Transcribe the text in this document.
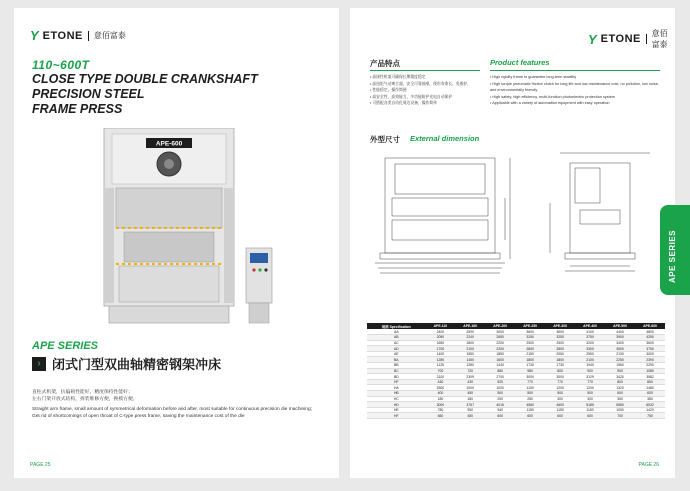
Y ETONE 意佰富泰
110~600T
CLOSE TYPE DOUBLE CRANKSHAFT
PRECISION STEEL
FRAME PRESS
APE-600
APE SERIES
› 闭式门型双曲轴精密钢架冲床

直柱式机架，抗偏载性能好，精度保持性能好；
左右门架开放式结构，拆装维修方便，换模方便。

Straight arm frame, small amount of symmetrical deformation before and after, most suitable for continuous precision die machining;
Get rid of shortcomings of open throat of C-type press frame, saving the maintenance cost of the die

PAGE 25
Y ETONE 意佰富泰
产品特点	Product features
• 高刚性机架可确保长期精度稳定
• 高扭矩气动离合器，安全可靠低噪，使用寿命长，免维护，
• 性能稳定，操作简便
• 高安全性，高效能力，多功能防护光电自动保护
• 可搭配各类自动化周边设备，操作简单
• High rigidity frame to guarantee long-term stability
• High torque pneumatic friction clutch for long life and low maintenance cost, no pollution, low noise, and environmentally friendly
• High safety, high efficiency, multi-function photoelectric protection system
• Applicable with a variety of automation equipment with easy operation
外型尺寸 External dimension
规格 Specification	APE-110	APE-160	APE-200	APE-250	APE-300	APE-400	APE-500	APE-600
AA	2400	2590	3000	3600	3600	4100	4400	4800
AB	2050	2240	2650	3250	3250	3750	3900	4250
AC	1650	1800	2200	2500	2500	3200	3400	3600
AD	1700	2100	2200	2800	2800	3300	3500	3750
AE	1400	1550	1850	2150	2050	2550	2130	3000
BA	1280	1450	1600	1800	1800	2100	2250	2390
BB	1125	1280	1440	1730	1730	1940	1960	2290
BC	700	720	880	980	800	900	900	1080
BD	2100	2309	2700	3000	3000	3129	3420	3582
HF	430	430	520	770	770	770	800	850
HA	5300	1000	1000	1100	1200	1200	1320	1480
HB	400	450	500	500	500	500	600	600
HC	180	180	250	280	300	300	350	380
HD	3000	3757	4015	4560	4600	5185	5580	6532
HE	780	950	940	1150	1150	1150	1050	1420
HF	650	450	600	600	600	600	700	750
PAGE 26
APE SERIES
